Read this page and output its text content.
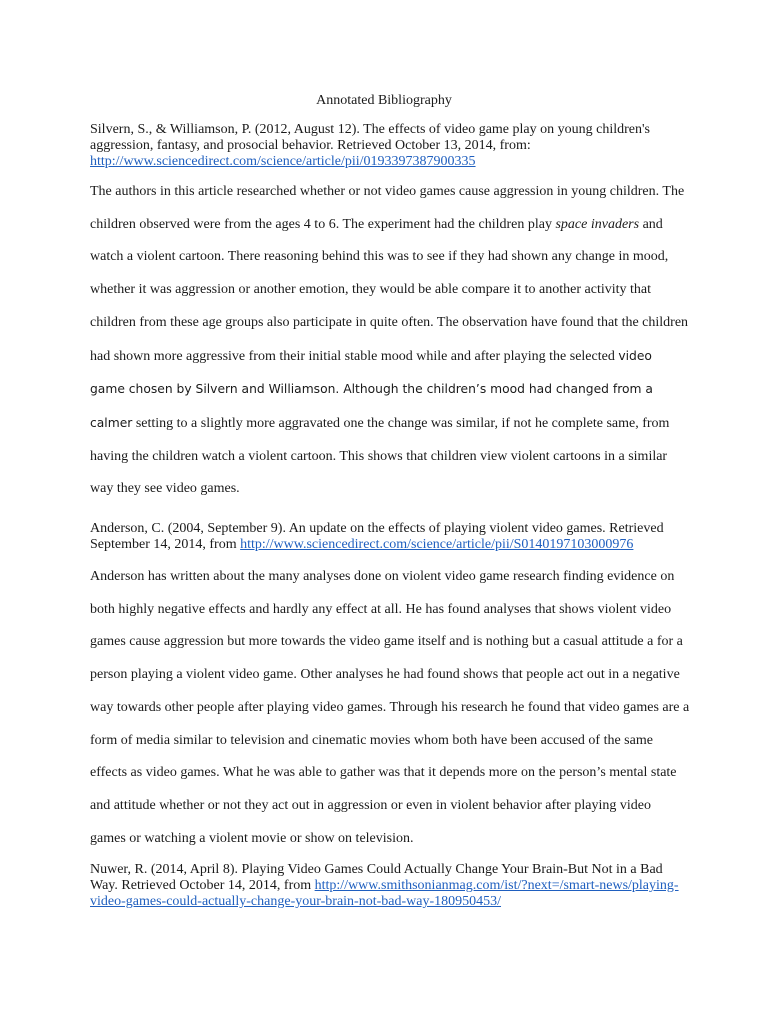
Annotated Bibliography

Silvern, S., & Williamson, P. (2012, August 12). The effects of video game play on young children's aggression, fantasy, and prosocial behavior. Retrieved October 13, 2014, from: http://www.sciencedirect.com/science/article/pii/0193397387900335

The authors in this article researched whether or not video games cause aggression in young children. The children observed were from the ages 4 to 6. The experiment had the children play space invaders and watch a violent cartoon. There reasoning behind this was to see if they had shown any change in mood, whether it was aggression or another emotion, they would be able compare it to another activity that children from these age groups also participate in quite often. The observation have found that the children had shown more aggressive from their initial stable mood while and after playing the selected video game chosen by Silvern and Williamson. Although the children’s mood had changed from a calmer setting to a slightly more aggravated one the change was similar, if not he complete same, from having the children watch a violent cartoon. This shows that children view violent cartoons in a similar way they see video games.

Anderson, C. (2004, September 9). An update on the effects of playing violent video games. Retrieved September 14, 2014, from http://www.sciencedirect.com/science/article/pii/S0140197103000976

Anderson has written about the many analyses done on violent video game research finding evidence on both highly negative effects and hardly any effect at all. He has found analyses that shows violent video games cause aggression but more towards the video game itself and is nothing but a casual attitude a for a person playing a violent video game. Other analyses he had found shows that people act out in a negative way towards other people after playing video games. Through his research he found that video games are a form of media similar to television and cinematic movies whom both have been accused of the same effects as video games. What he was able to gather was that it depends more on the person’s mental state and attitude whether or not they act out in aggression or even in violent behavior after playing video games or watching a violent movie or show on television.

Nuwer, R. (2014, April 8). Playing Video Games Could Actually Change Your Brain-But Not in a Bad Way. Retrieved October 14, 2014, from http://www.smithsonianmag.com/ist/?next=/smart-news/playing-video-games-could-actually-change-your-brain-not-bad-way-180950453/
